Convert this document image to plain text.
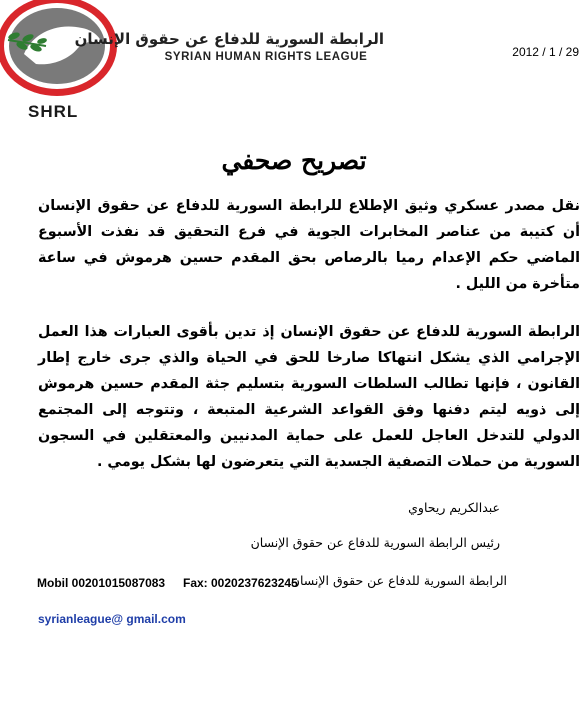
SHRL
الرابطة السورية للدفاع عن حقوق الإنسان
SYRIAN HUMAN RIGHTS LEAGUE	2012 / 1 / 29
تصريح صحفي

نقل مصدر عسكري وثيق الإطلاع للرابطة السورية للدفاع عن حقوق الإنسان أن كتيبة من عناصر المخابرات الجوية في فرع التحقيق قد نفذت الأسبوع الماضي حكم الإعدام رميا بالرصاص بحق المقدم حسين هرموش في ساعة متأخرة من الليل .

الرابطة السورية للدفاع عن حقوق الإنسان إذ تدين بأقوى العبارات هذا العمل الإجرامي الذي يشكل انتهاكا صارخا للحق في الحياة والذي جرى خارج إطار القانون ، فإنها تطالب السلطات السورية بتسليم جثة المقدم حسين هرموش إلى ذويه ليتم دفنها وفق القواعد الشرعية المتبعة ، وتتوجه إلى المجتمع الدولي للتدخل العاجل للعمل على حماية المدنيين والمعتقلين في السجون السورية من حملات التصفية الجسدية التي يتعرضون لها بشكل يومي .

عبدالكريم ريحاوي
رئيس الرابطة السورية للدفاع عن حقوق الإنسان
Mobil 00201015087083 Fax: 0020237623245
الرابطة السورية للدفاع عن حقوق الإنسان
syrianleague@ gmail.com
